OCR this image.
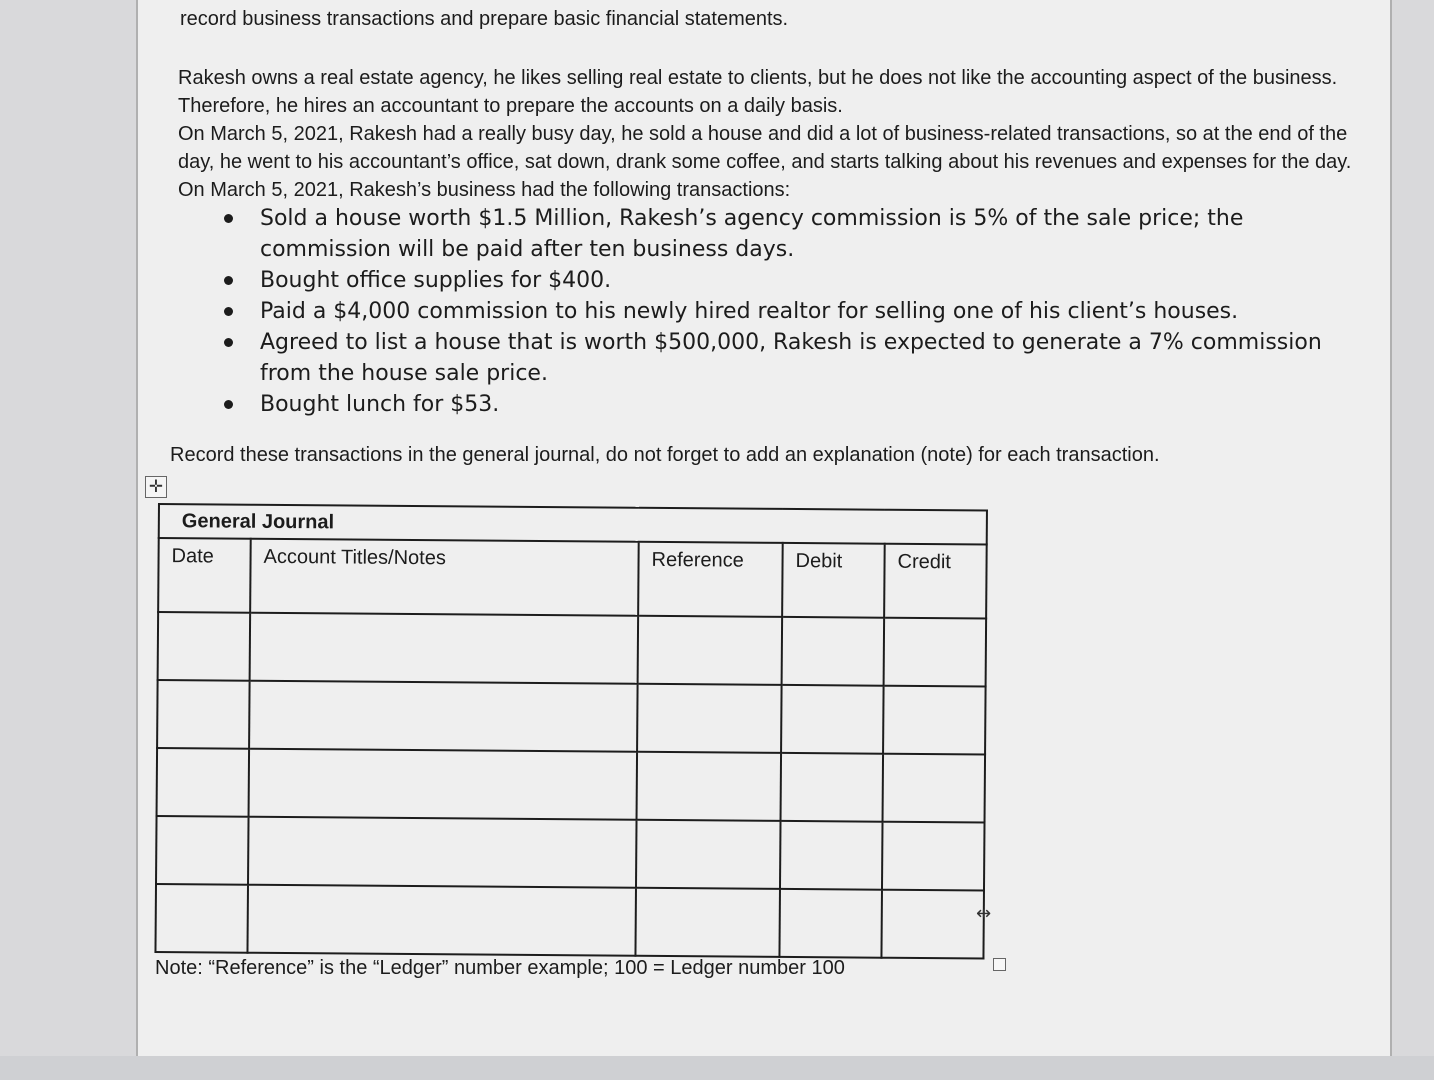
record business transactions and prepare basic financial statements.

Rakesh owns a real estate agency, he likes selling real estate to clients, but he does not like the accounting aspect of the business. Therefore, he hires an accountant to prepare the accounts on a daily basis.

On March 5, 2021, Rakesh had a really busy day, he sold a house and did a lot of business-related transactions, so at the end of the day, he went to his accountant’s office, sat down, drank some coffee, and starts talking about his revenues and expenses for the day. On March 5, 2021, Rakesh’s business had the following transactions:

Sold a house worth $1.5 Million, Rakesh’s agency commission is 5% of the sale price; the commission will be paid after ten business days.
Bought office supplies for $400.
Paid a $4,000 commission to his newly hired realtor for selling one of his client’s houses.
Agreed to list a house that is worth $500,000, Rakesh is expected to generate a 7% commission from the house sale price.
Bought lunch for $53.
Record these transactions in the general journal, do not forget to add an explanation (note) for each transaction.
✛
General Journal				
Date	Account Titles/Notes	Reference	Debit	Credit

⇹
Note: “Reference” is the “Ledger” number example; 100 = Ledger number 100
